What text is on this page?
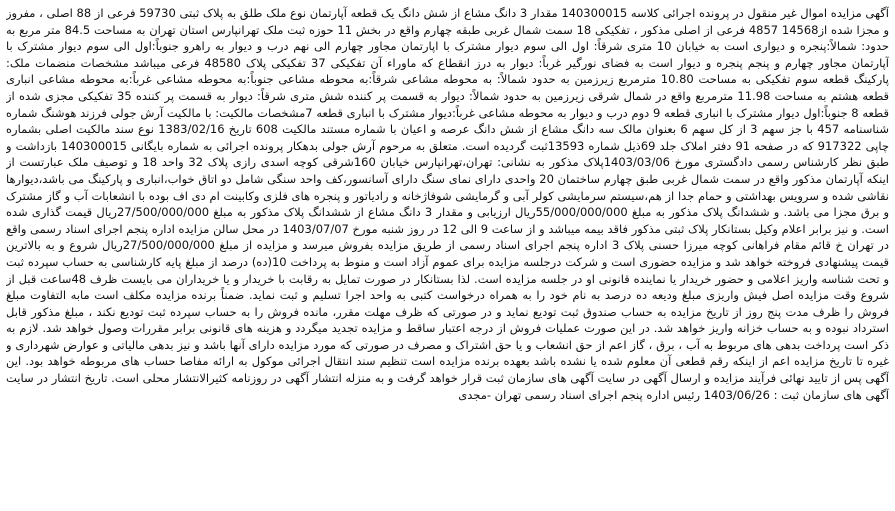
آگهی مزایده اموال غیر منقول در پرونده اجرائی کلاسه 140300015 مقدار 3 دانگ مشاع از شش دانگ یک قطعه آپارتمان نوع ملک طلق به پلاک ثبتی 59730 فرعی از 88 اصلی ، مفروز و مجزا شده از14568 4857 فرعی از اصلی مذکور ، تفکیکی 18 سمت شمال غربی طبقه چهارم واقع در بخش 11 حوزه ثبت ملک تهرانپارس استان تهران به مساحت 84.5 متر مربع به حدود: شمالاً:پنجره و دیواری است به خیابان 10 متری شرقاً: اول الی سوم دیوار مشترک با اپارتمان مجاور چهارم الی نهم درب و دیوار به راهرو جنوباً:اول الی سوم دیوار مشترک با آپارتمان مجاور چهارم و پنجم پنجره و دیوار است به فضای نورگیر غرباً: دیوار به درز انقطاع که ماوراء آن تفکیکی 37 تفکیکی پلاک 48580 فرعی میباشد مشخصات منضمات ملک: پارکینگ قطعه سوم تفکیکی به مساحت 10.80 مترمربع زیرزمین به حدود شمالاً: به محوطه مشاعی شرقاً:به محوطه مشاعی جنوباً:به محوطه مشاعی غرباً:به محوطه مشاعی انباری قطعه هشتم به مساحت 11.98 مترمربع واقع در شمال شرقی زیرزمین به حدود شمالاً: دیوار به قسمت پر کننده شش متری شرقاً: دیوار به قسمت پر کننده 35 تفکیکی مجزی شده از قطعه 8 جنوباً:اول دیوار مشترک با انباری قطعه 9 دوم درب و دیوار به محوطه مشاعی غرباً:دیوار مشترک با انباری قطعه 7مشخصات مالکیت: با مالکیت آرش جولی فرزند هوشنگ شماره شناسنامه 457 با جز سهم 3 از کل سهم 6 بعنوان مالک سه دانگ مشاع از شش دانگ عرصه و اعیان با شماره مستند مالکیت 608 تاریخ 1383/02/16 نوع سند مالکیت اصلی بشماره چاپی 917322 که در صفحه 91 دفتر املاک جلد 69ذیل شماره 13593ثبت گردیده است. متعلق به مرحوم آرش جولی بدهکار پرونده اجرائی به شماره بایگانی 140300015 بازداشت و طبق نظر کارشناس رسمی دادگستری مورخ 1403/03/06پلاک مذکور به نشانی: تهران،تهرانپارس خیابان 160شرقی کوچه اسدی رازی پلاک 32 واحد 18 و توصیف ملک عبارتست از اینکه آپارتمان مذکور واقع در سمت شمال غربی طبق چهارم ساختمان 20 واحدی دارای نمای سنگ دارای آسانسور،کف واحد سنگی شامل دو اتاق خواب،انباری و پارکینگ می باشد،دیوارها نقاشی شده و سرویس بهداشتی و حمام جدا از هم،سیستم سرمایشی کولر آبی و گرمایشی شوفاژخانه و رادیاتور و پنجره های فلزی وکابینت ام دی اف بوده با انشعابات آب و گاز مشترک و برق مجزا می باشد. و ششدانگ پلاک مذکور به مبلغ 55/000/000/000ریال ارزیابی و مقدار 3 دانگ مشاع از ششدانگ پلاک مذکور به مبلغ 27/500/000/000ریال قیمت گذاری شده است. و نیز برابر اعلام وکیل بستانکار پلاک ثبتی مذکور فاقد بیمه میباشد و از ساعت 9 الی 12 در روز شنبه مورخ 1403/07/07 در محل سالن مزایده اداره پنجم اجرای اسناد رسمی واقع در تهران خ قائم مقام فراهانی کوچه میرزا حسنی پلاک 3 اداره پنجم اجرای اسناد رسمی از طریق مزایده بفروش میرسد و مزایده از مبلغ 27/500/000/000ریال شروع و به بالاترین قیمت پیشنهادی فروخته خواهد شد و مزایده حضوری است و شرکت درجلسه مزایده برای عموم آزاد است و منوط به پرداخت 10(ده) درصد از مبلغ پایه کارشناسی به حساب سپرده ثبت و تحت شناسه واریز اعلامی و حضور خریدار یا نماینده قانونی او در جلسه مزایده است. لذا بستانکار در صورت تمایل به رقابت با خریدار و یا خریداران می بایست ظرف 48ساعت قبل از شروع وقت مزایده اصل فیش واریزی مبلغ ودیعه ده درصد به نام خود را به همراه درخواست کتبی به واحد اجرا تسلیم و ثبت نماید. ضمناً برنده مزایده مکلف است مابه التفاوت مبلغ فروش را ظرف مدت پنج روز از تاریخ مزایده به حساب صندوق ثبت تودیع نماید و در صورتی که ظرف مهلت مقرر، مانده فروش را به حساب سپرده ثبت تودیع نکند ، مبلغ مذکور قابل استرداد نبوده و به حساب خزانه واریز خواهد شد. در این صورت عملیات فروش از درجه اعتبار ساقط و مزایده تجدید میگردد و هزینه های قانونی برابر مقررات وصول خواهد شد. لازم به ذکر است پرداخت بدهی های مربوط به آب ، برق ، گاز اعم از حق انشعاب و یا حق اشتراک و مصرف در صورتی که مورد مزایده دارای آنها باشد و نیز بدهی مالیاتی و عوارض شهرداری و غیره تا تاریخ مزایده اعم از اینکه رقم قطعی آن معلوم شده یا نشده باشد بعهده برنده مزایده است تنظیم سند انتقال اجرائی موکول به ارائه مفاصا حساب های مربوطه خواهد بود. این آگهی پس از تایید نهائی فرآیند مزایده و ارسال آگهی در سایت آگهی های سازمان ثبت قرار خواهد گرفت و به منزله انتشار آگهی در روزنامه کثیرالانتشار محلی است. تاریخ انتشار در سایت آگهی های سازمان ثبت : 1403/06/26 رئیس اداره پنجم اجرای اسناد رسمی تهران -مجدی
